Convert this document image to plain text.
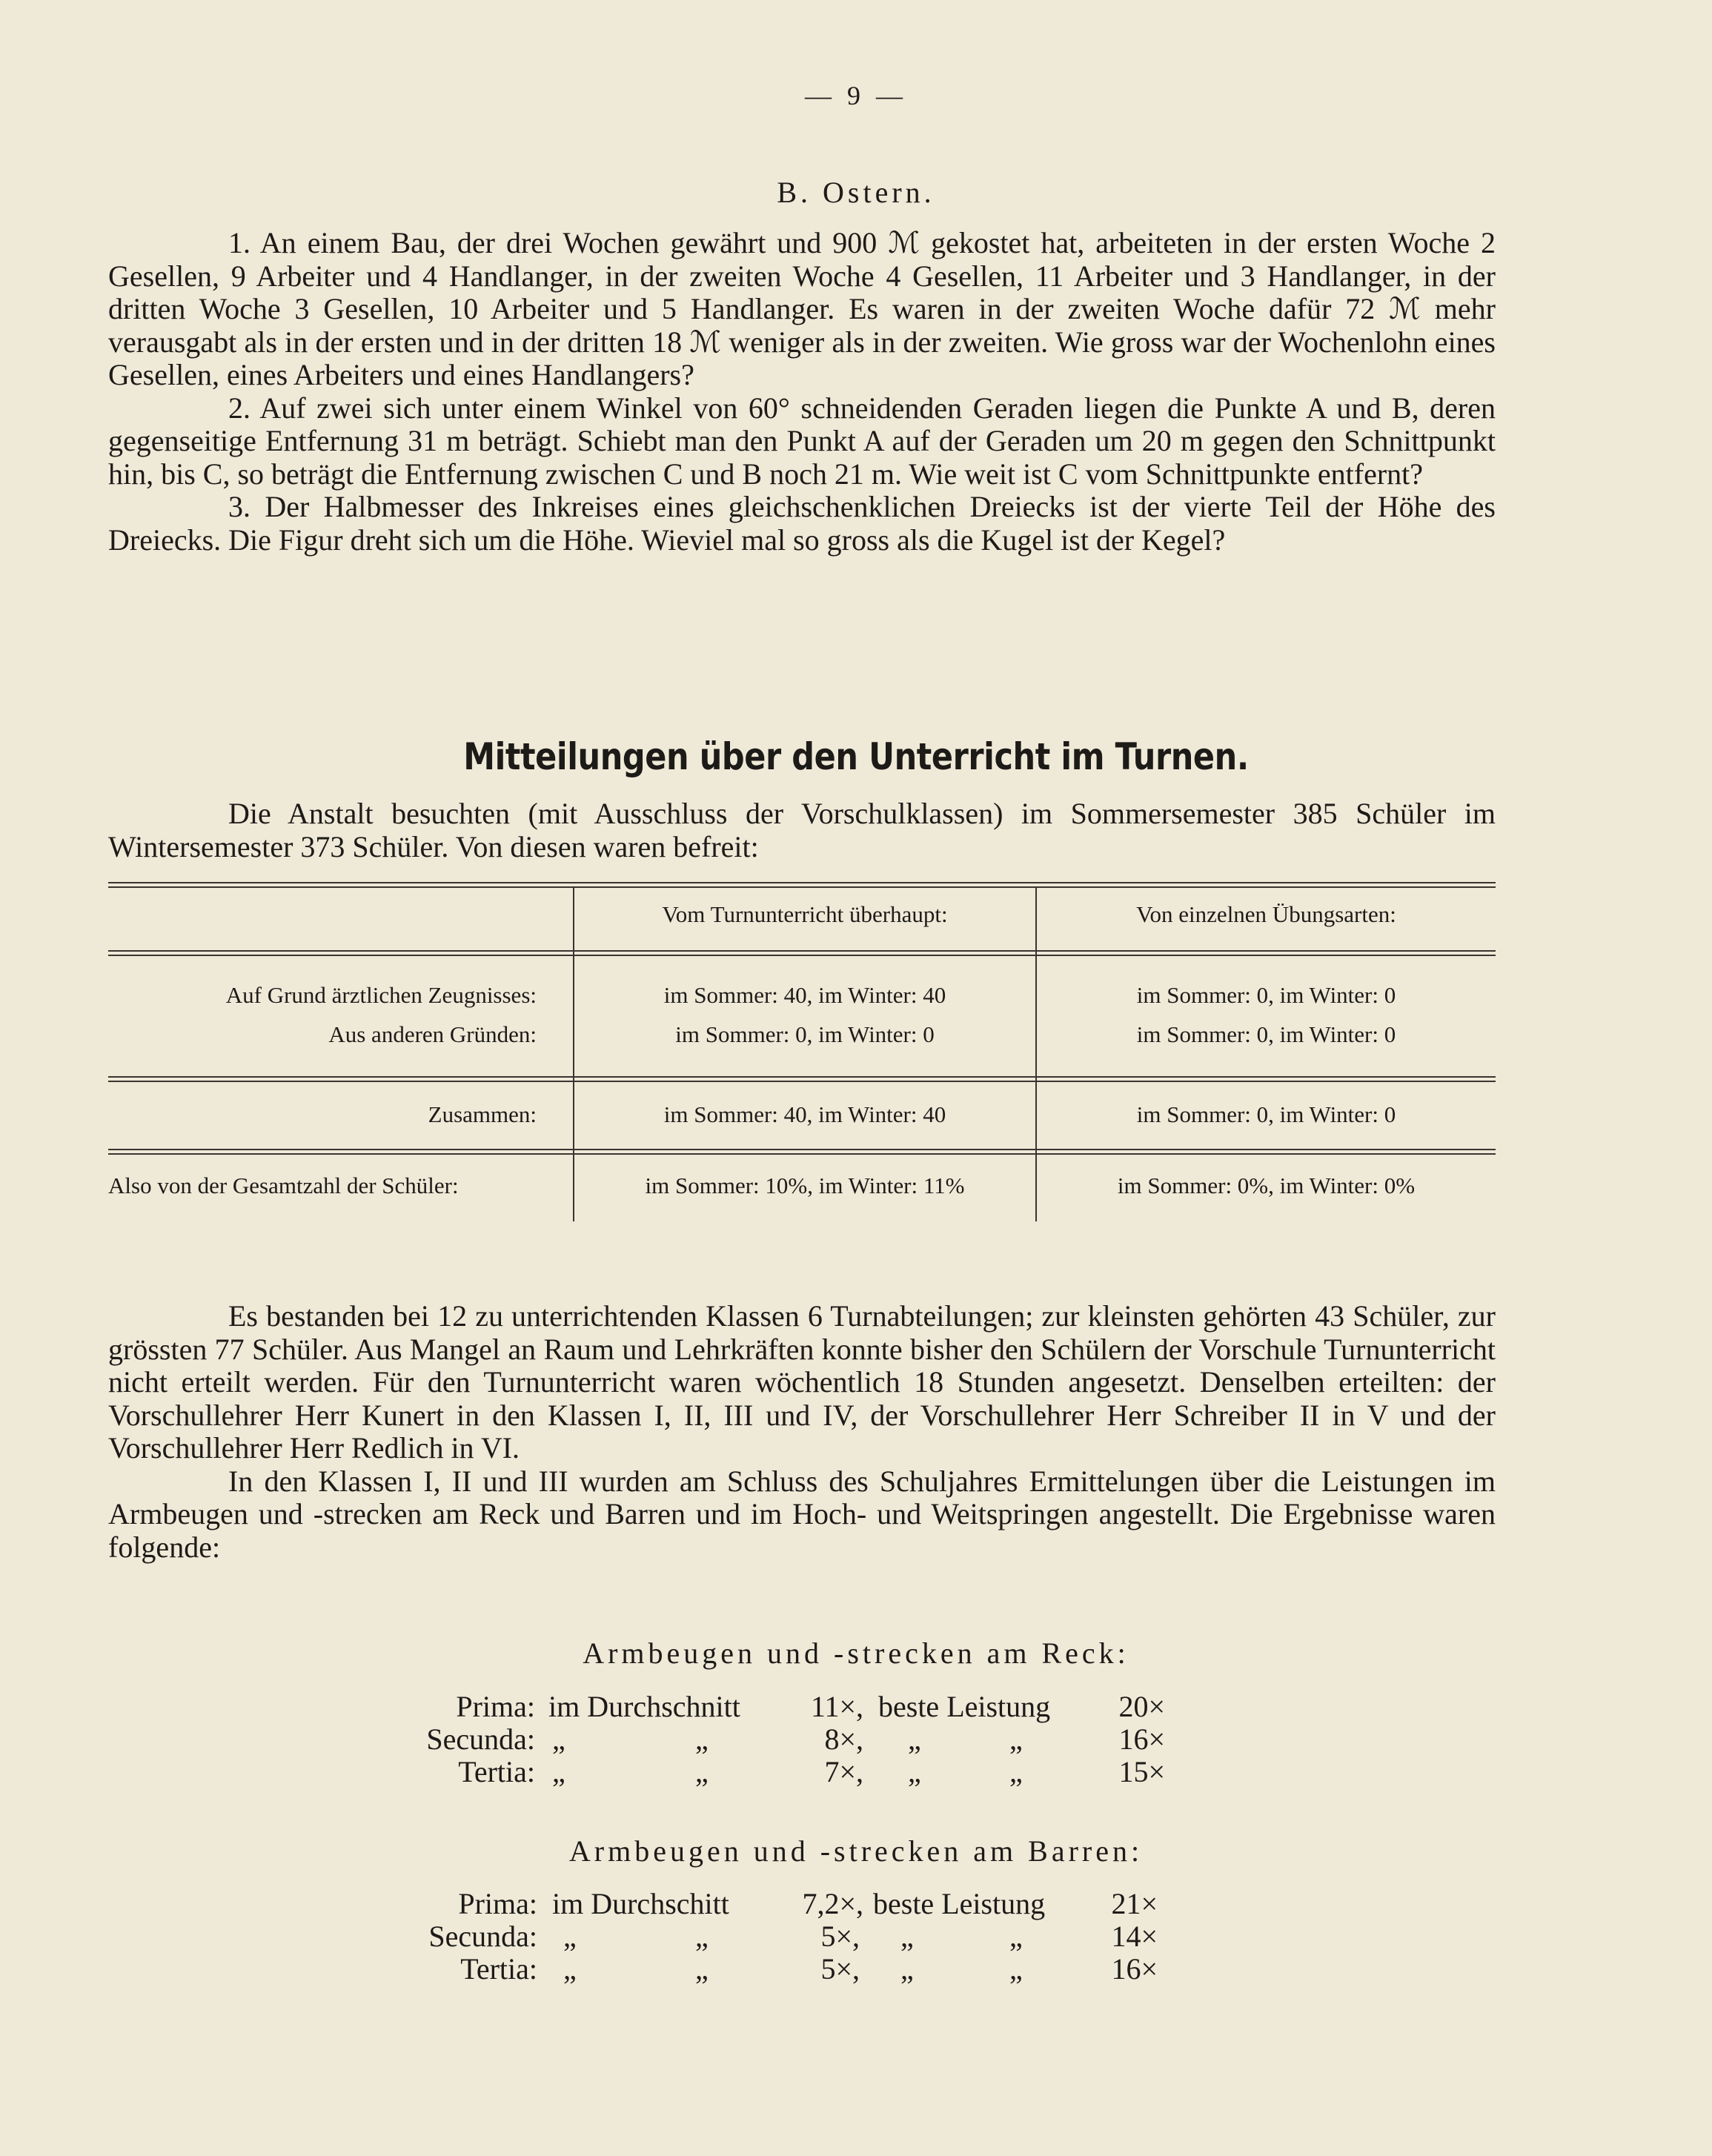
— 9 —
B. Ostern.

1. An einem Bau, der drei Wochen gewährt und 900 ℳ gekostet hat, arbeiteten in der ersten Woche 2 Gesellen, 9 Arbeiter und 4 Handlanger, in der zweiten Woche 4 Gesellen, 11 Arbeiter und 3 Handlanger, in der dritten Woche 3 Gesellen, 10 Arbeiter und 5 Handlanger. Es waren in der zweiten Woche dafür 72 ℳ mehr verausgabt als in der ersten und in der dritten 18 ℳ weniger als in der zweiten. Wie gross war der Wochenlohn eines Gesellen, eines Arbeiters und eines Handlangers?

2. Auf zwei sich unter einem Winkel von 60° schneidenden Geraden liegen die Punkte A und B, deren gegenseitige Entfernung 31 m beträgt. Schiebt man den Punkt A auf der Geraden um 20 m gegen den Schnittpunkt hin, bis C, so beträgt die Entfernung zwischen C und B noch 21 m. Wie weit ist C vom Schnittpunkte entfernt?

3. Der Halbmesser des Inkreises eines gleichschenklichen Dreiecks ist der vierte Teil der Höhe des Dreiecks. Die Figur dreht sich um die Höhe. Wieviel mal so gross als die Kugel ist der Kegel?

Mitteilungen über den Unterricht im Turnen.

Die Anstalt besuchten (mit Ausschluss der Vorschulklassen) im Sommersemester 385 Schüler im Wintersemester 373 Schüler. Von diesen waren befreit:

Vom Turnunterricht überhaupt:	Von einzelnen Übungsarten:
Auf Grund ärztlichen Zeugnisses:	im Sommer: 40, im Winter: 40	im Sommer: 0, im Winter: 0
Aus anderen Gründen:	im Sommer: 0, im Winter: 0	im Sommer: 0, im Winter: 0
Zusammen:	im Sommer: 40, im Winter: 40	im Sommer: 0, im Winter: 0
Also von der Gesamtzahl der Schüler:	im Sommer: 10%, im Winter: 11%	im Sommer: 0%, im Winter: 0%

Es bestanden bei 12 zu unterrichtenden Klassen 6 Turnabteilungen; zur kleinsten gehörten 43 Schüler, zur grössten 77 Schüler. Aus Mangel an Raum und Lehrkräften konnte bisher den Schülern der Vorschule Turnunterricht nicht erteilt werden. Für den Turnunterricht waren wöchentlich 18 Stunden angesetzt. Denselben erteilten: der Vorschullehrer Herr Kunert in den Klassen I, II, III und IV, der Vorschullehrer Herr Schreiber II in V und der Vorschullehrer Herr Redlich in VI.

In den Klassen I, II und III wurden am Schluss des Schuljahres Ermittelungen über die Leistungen im Armbeugen und -strecken am Reck und Barren und im Hoch- und Weitspringen angestellt. Die Ergebnisse waren folgende:

Armbeugen und -strecken am Reck:
Prima: im Durchschnitt 11×, beste Leistung 20×
Secunda: „	„	8×, „	„	16×
Tertia: „	„	7×, „	„	15×
Armbeugen und -strecken am Barren:
Prima: im Durchschitt 7,2×, beste Leistung 21×
Secunda: „	„	5×, „	„	14×
Tertia: „	„	5×, „	„	16×
